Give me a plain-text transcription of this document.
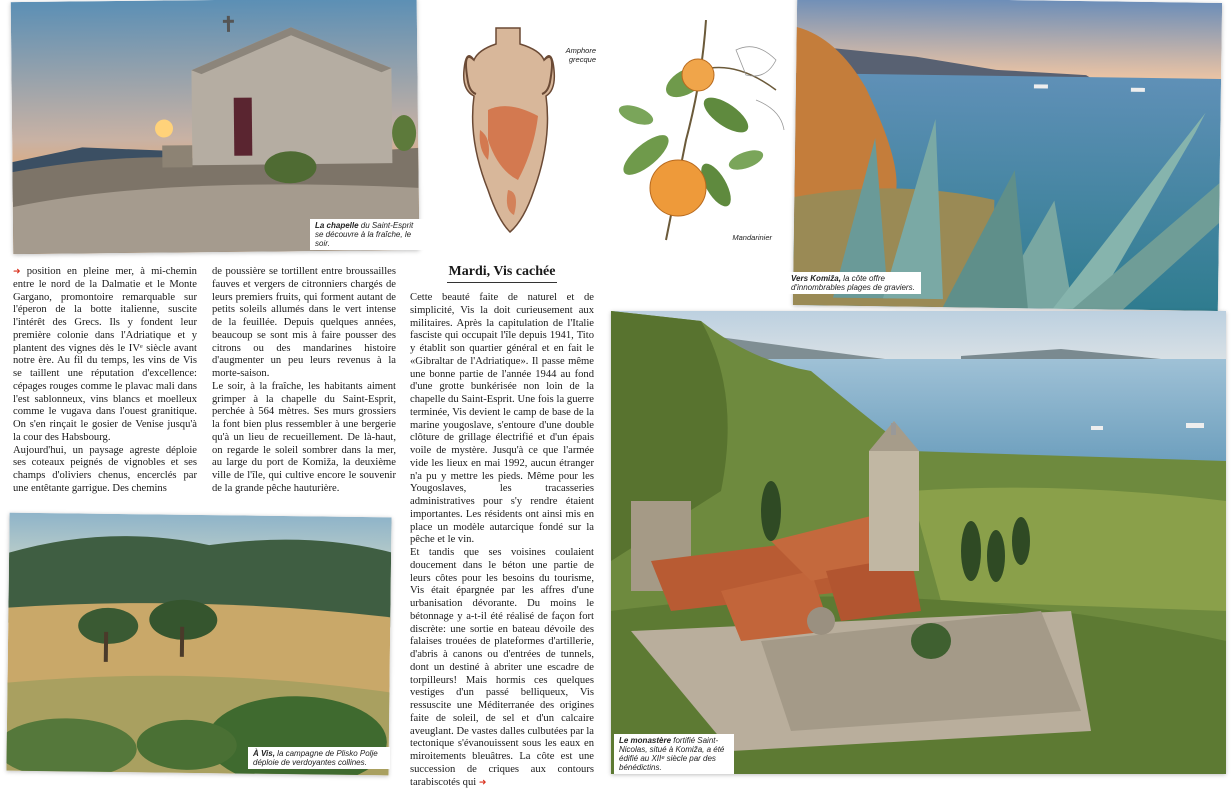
La chapelle du Saint-Esprit se découvre à la fraîche, le soir.
Amphore grecque
Mandarinier
Vers Komiža, la côte offre d'innombrables plages de graviers.

➜ position en pleine mer, à mi-chemin entre le nord de la Dalmatie et le Monte Gargano, promontoire remarquable sur l'éperon de la botte italienne, suscite l'intérêt des Grecs. Ils y fondent leur première colonie dans l'Adriatique et y plantent des vignes dès le IVᵉ siècle avant notre ère. Au fil du temps, les vins de Vis se taillent une réputation d'excellence: cépages rouges comme le plavac mali dans l'est sablonneux, vins blancs et moelleux comme le vugava dans l'ouest granitique. On s'en rinçait le gosier de Venise jusqu'à la cour des Habsbourg.

Aujourd'hui, un paysage agreste déploie ses coteaux peignés de vignobles et ses champs d'oliviers chenus, encerclés par une entêtante garrigue. Des chemins

de poussière se tortillent entre broussailles fauves et vergers de citronniers chargés de leurs premiers fruits, qui forment autant de petits soleils allumés dans le vert intense de la feuillée. Depuis quelques années, beaucoup se sont mis à faire pousser des citrons ou des mandarines histoire d'augmenter un peu leurs revenus à la morte-saison.

Le soir, à la fraîche, les habitants aiment grimper à la chapelle du Saint-Esprit, perchée à 564 mètres. Ses murs grossiers la font bien plus ressembler à une bergerie qu'à un lieu de recueillement. De là-haut, on regarde le soleil sombrer dans la mer, au large du port de Komiža, la deuxième ville de l'île, qui cultive encore le souvenir de la grande pêche hauturière.

Mardi, Vis cachée

Cette beauté faite de naturel et de simplicité, Vis la doit curieusement aux militaires. Après la capitulation de l'Italie fasciste qui occupait l'île depuis 1941, Tito y établit son quartier général et en fait le «Gibraltar de l'Adriatique». Il passe même une bonne partie de l'année 1944 au fond d'une grotte bunkérisée non loin de la chapelle du Saint-Esprit. Une fois la guerre terminée, Vis devient le camp de base de la marine yougoslave, s'entoure d'une double clôture de grillage électrifié et d'un épais voile de mystère. Jusqu'à ce que l'armée vide les lieux en mai 1992, aucun étranger n'a pu y mettre les pieds. Même pour les Yougoslaves, les tracasseries administratives pour s'y rendre étaient importantes. Les résidents ont ainsi mis en place un modèle autarcique fondé sur la pêche et le vin.

Et tandis que ses voisines coulaient doucement dans le béton une partie de leurs côtes pour les besoins du tourisme, Vis était épargnée par les affres d'une urbanisation dévorante. Du moins le bétonnage y a-t-il été réalisé de façon fort discrète: une sortie en bateau dévoile des falaises trouées de plateformes d'artillerie, d'abris à canons ou d'entrées de tunnels, dont un destiné à abriter une escadre de torpilleurs! Mais hormis ces quelques vestiges d'un passé belliqueux, Vis ressuscite une Méditerranée des origines faite de soleil, de sel et d'un calcaire aveuglant. De vastes dalles culbutées par la tectonique s'évanouissent sous les eaux en miroitements bleuâtres. La côte est une succession de criques aux contours tarabiscotés qui ➜

À Vis, la campagne de Plisko Polje déploie de verdoyantes collines.
Le monastère fortifié Saint-Nicolas, situé à Komiža, a été édifié au XIIᵉ siècle par des bénédictins.
